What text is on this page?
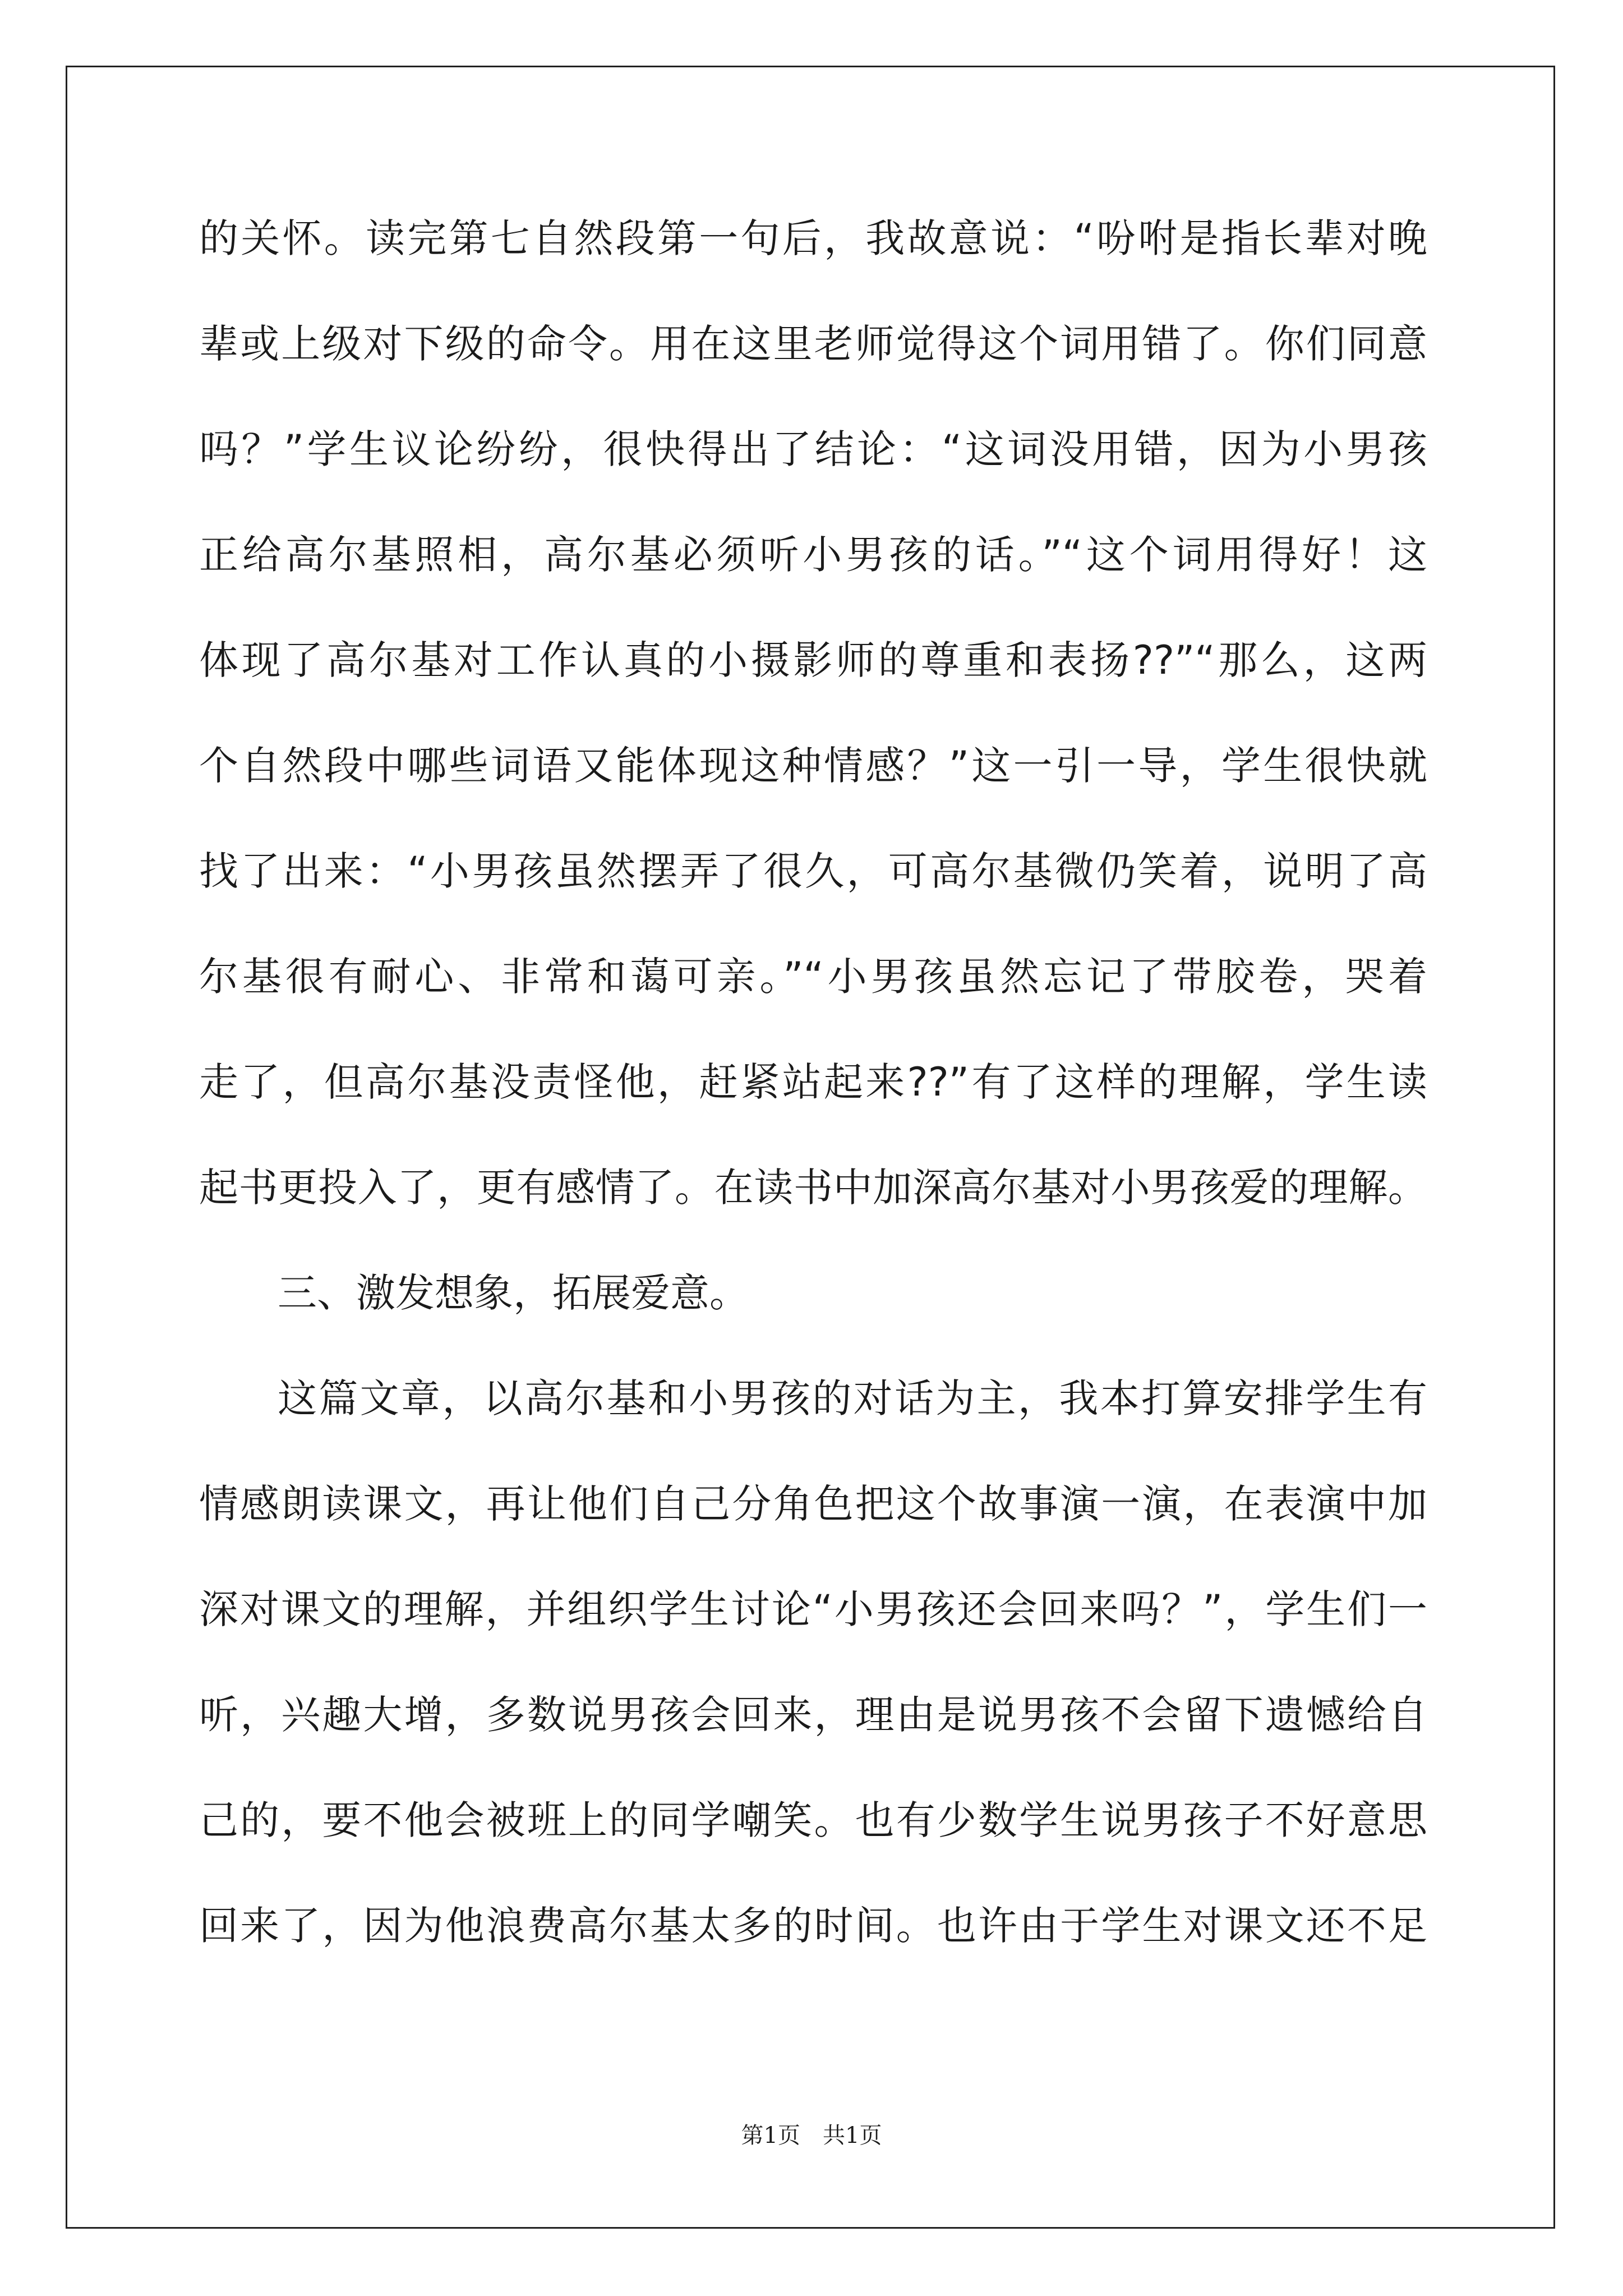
的关怀。读完第七自然段第一句后，我故意说：“吩咐是指长辈对晚
辈或上级对下级的命令。用在这里老师觉得这个词用错了。你们同意
吗？”学生议论纷纷，很快得出了结论：“这词没用错，因为小男孩
正给高尔基照相，高尔基必须听小男孩的话。”“这个词用得好！这
体现了高尔基对工作认真的小摄影师的尊重和表扬??”“那么，这两
个自然段中哪些词语又能体现这种情感？”这一引一导，学生很快就
找了出来：“小男孩虽然摆弄了很久，可高尔基微仍笑着，说明了高
尔基很有耐心、非常和蔼可亲。”“小男孩虽然忘记了带胶卷，哭着
走了，但高尔基没责怪他，赶紧站起来??”有了这样的理解，学生读
起书更投入了，更有感情了。在读书中加深高尔基对小男孩爱的理解。
三、激发想象，拓展爱意。
这篇文章，以高尔基和小男孩的对话为主，我本打算安排学生有
情感朗读课文，再让他们自己分角色把这个故事演一演，在表演中加
深对课文的理解，并组织学生讨论“小男孩还会回来吗？”，学生们一
听，兴趣大增，多数说男孩会回来，理由是说男孩不会留下遗憾给自
己的，要不他会被班上的同学嘲笑。也有少数学生说男孩子不好意思
回来了，因为他浪费高尔基太多的时间。也许由于学生对课文还不足
第1页　共1页
